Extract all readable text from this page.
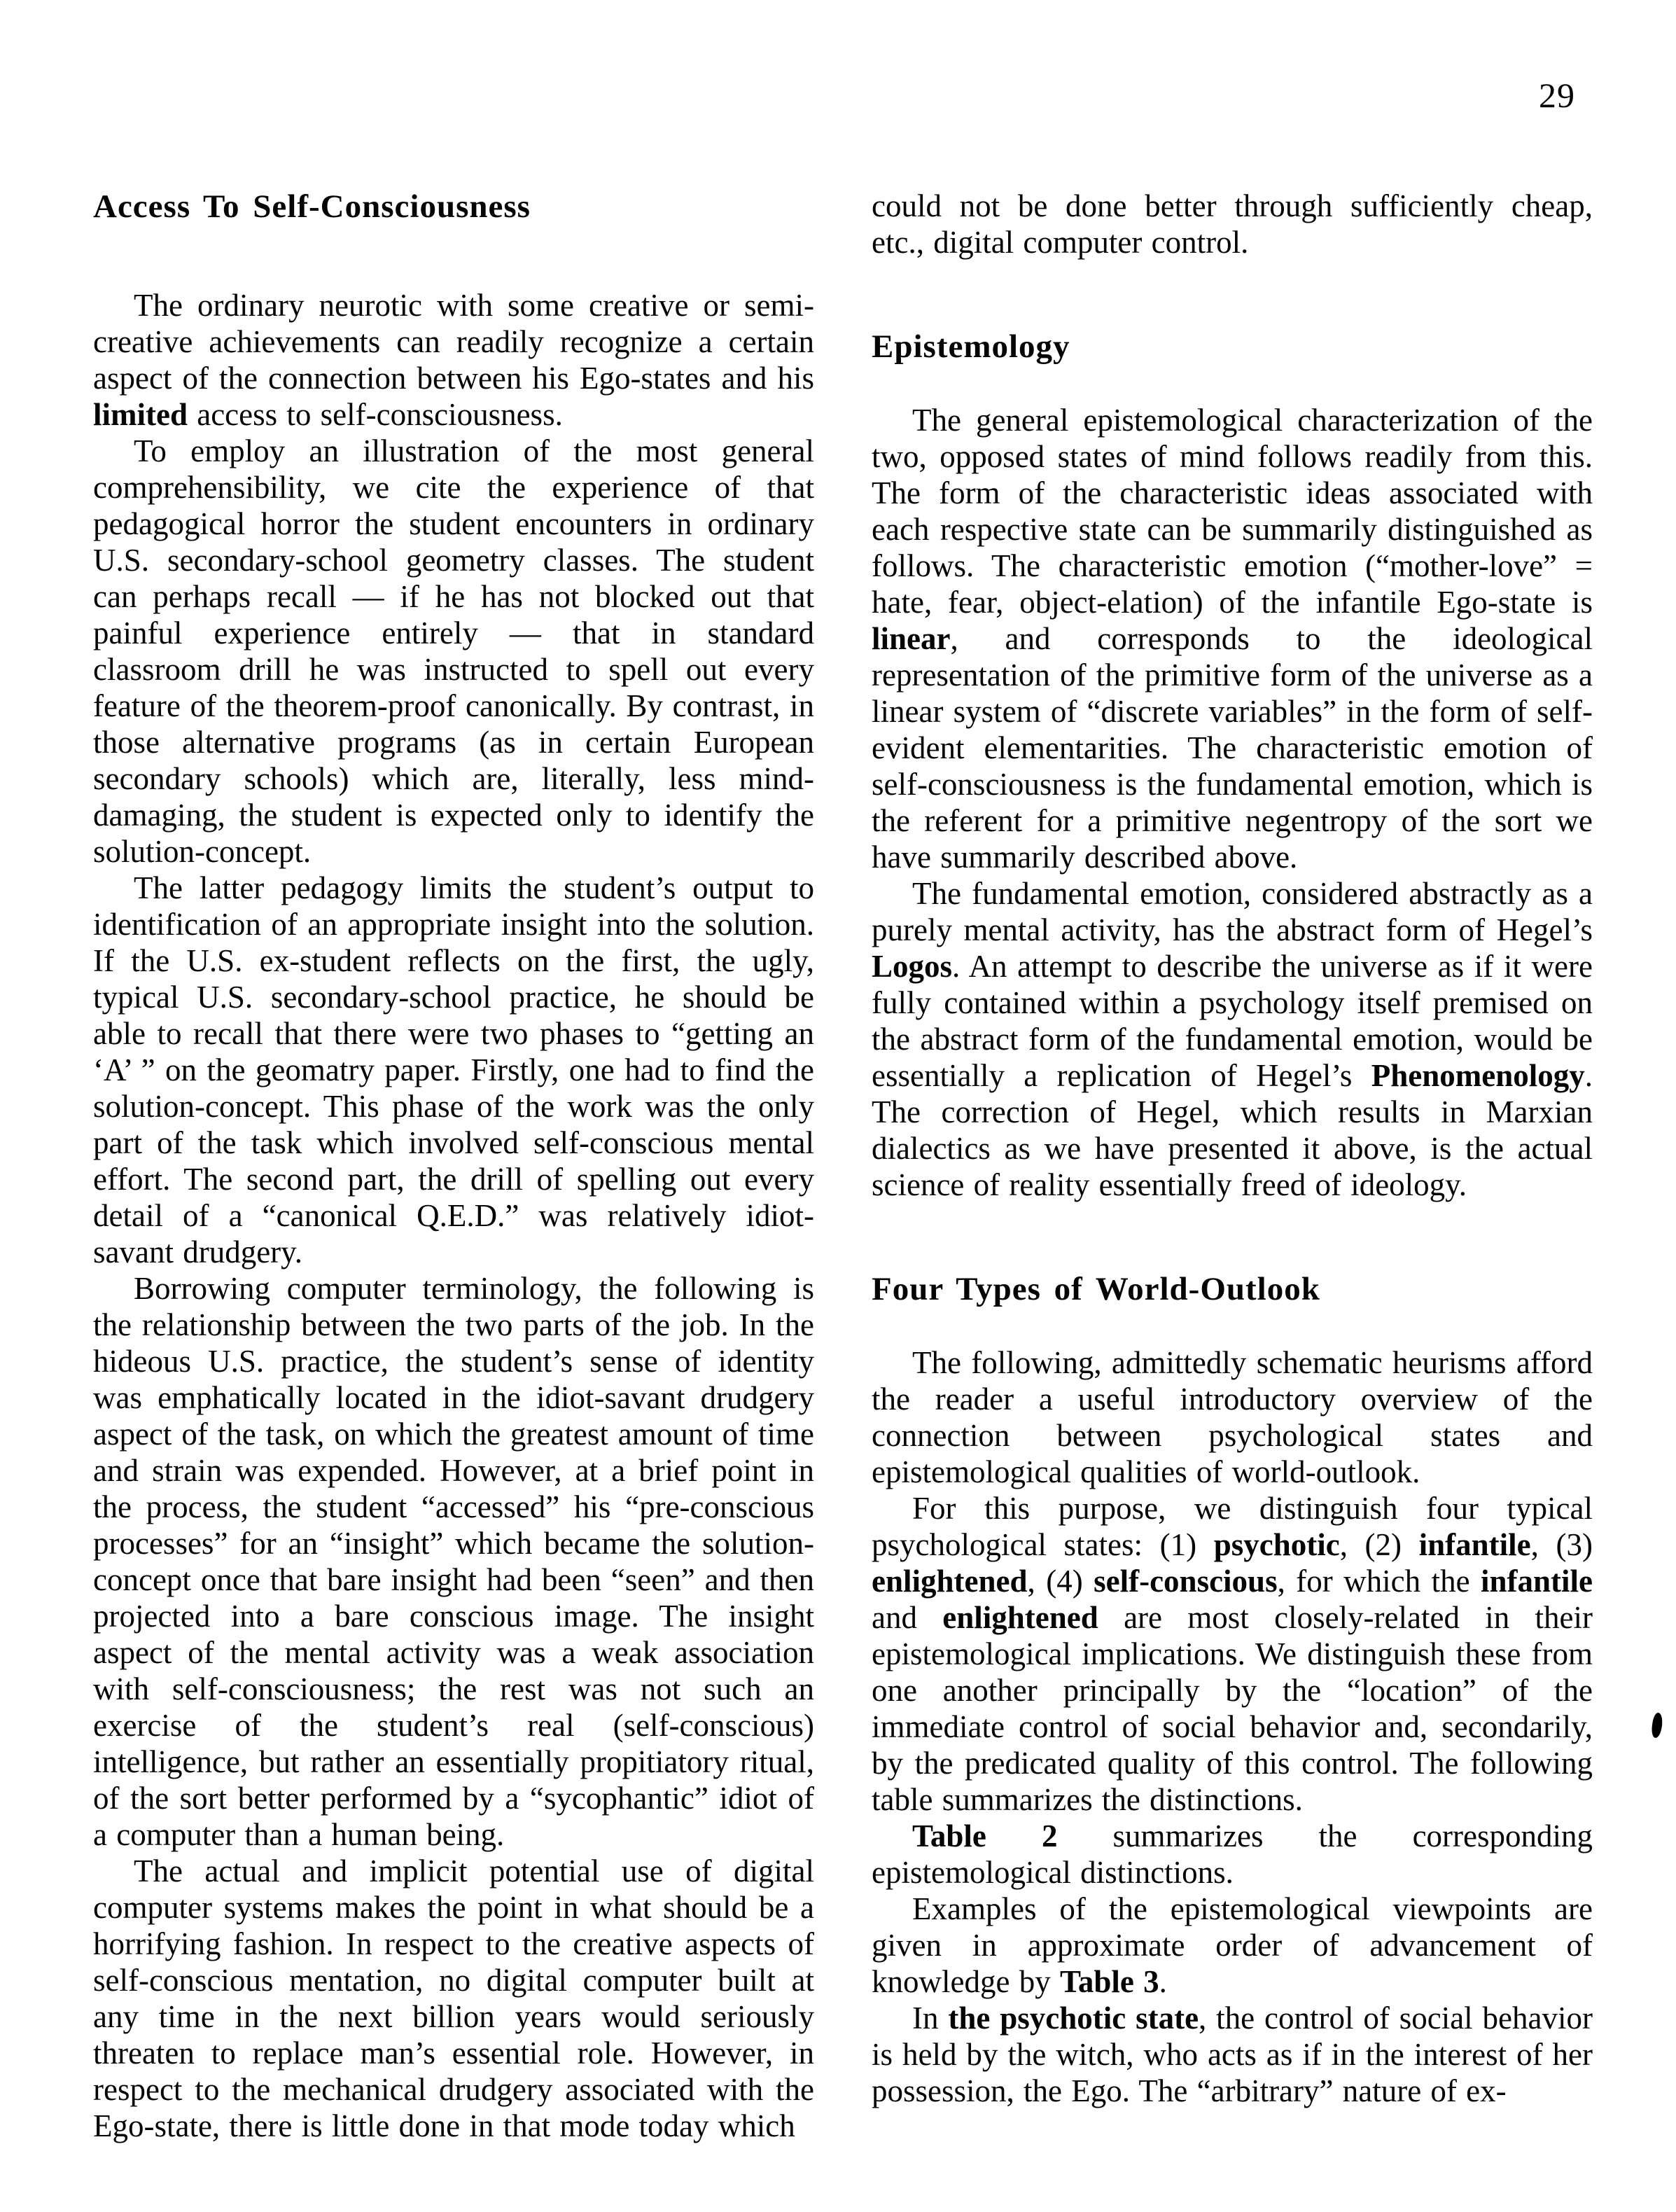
29
Access To Self-Consciousness

The ordinary neurotic with some creative or semi-creative achievements can readily recognize a certain aspect of the connection between his Ego-states and his limited access to self-consciousness.

To employ an illustration of the most general comprehensibility, we cite the experience of that pedagogical horror the student encounters in ordinary U.S. secondary-school geometry classes. The student can perhaps recall — if he has not blocked out that painful experience entirely — that in standard classroom drill he was instructed to spell out every feature of the theorem-proof canonically. By contrast, in those alternative programs (as in certain European secondary schools) which are, literally, less mind-damaging, the student is expected only to identify the solution-concept.

The latter pedagogy limits the student’s output to identification of an appropriate insight into the solution. If the U.S. ex-student reflects on the first, the ugly, typical U.S. secondary-school practice, he should be able to recall that there were two phases to “getting an ‘A’ ” on the geomatry paper. Firstly, one had to find the solution-concept. This phase of the work was the only part of the task which involved self-conscious mental effort. The second part, the drill of spelling out every detail of a “canonical Q.E.D.” was relatively idiot-savant drudgery.

Borrowing computer terminology, the following is the relationship between the two parts of the job. In the hideous U.S. practice, the student’s sense of identity was emphatically located in the idiot-savant drudgery aspect of the task, on which the greatest amount of time and strain was expended. However, at a brief point in the process, the student “accessed” his “pre-conscious processes” for an “insight” which became the solution-concept once that bare insight had been “seen” and then projected into a bare conscious image. The insight aspect of the mental activity was a weak association with self-consciousness; the rest was not such an exercise of the student’s real (self-conscious) intelligence, but rather an essentially propitiatory ritual, of the sort better performed by a “sycophantic” idiot of a computer than a human being.

The actual and implicit potential use of digital computer systems makes the point in what should be a horrifying fashion. In respect to the creative aspects of self-conscious mentation, no digital computer built at any time in the next billion years would seriously threaten to replace man’s essential role. However, in respect to the mechanical drudgery associated with the Ego-state, there is little done in that mode today which

could not be done better through sufficiently cheap, etc., digital computer control.

Epistemology

The general epistemological characterization of the two, opposed states of mind follows readily from this. The form of the characteristic ideas associated with each respective state can be summarily distinguished as follows. The characteristic emotion (“mother-love” = hate, fear, object-elation) of the infantile Ego-state is linear, and corresponds to the ideological representation of the primitive form of the universe as a linear system of “discrete variables” in the form of self-evident elementarities. The characteristic emotion of self-consciousness is the fundamental emotion, which is the referent for a primitive negentropy of the sort we have summarily described above.

The fundamental emotion, considered abstractly as a purely mental activity, has the abstract form of Hegel’s Logos. An attempt to describe the universe as if it were fully contained within a psychology itself premised on the abstract form of the fundamental emotion, would be essentially a replication of Hegel’s Phenomenology. The correction of Hegel, which results in Marxian dialectics as we have presented it above, is the actual science of reality essentially freed of ideology.

Four Types of World-Outlook

The following, admittedly schematic heurisms afford the reader a useful introductory overview of the connection between psychological states and epistemological qualities of world-outlook.

For this purpose, we distinguish four typical psychological states: (1) psychotic, (2) infantile, (3) enlightened, (4) self-conscious, for which the infantile and enlightened are most closely-related in their epistemological implications. We distinguish these from one another principally by the “location” of the immediate control of social behavior and, secondarily, by the predicated quality of this control. The following table summarizes the distinctions.

Table 2 summarizes the corresponding epistemological distinctions.

Examples of the epistemological viewpoints are given in approximate order of advancement of knowledge by Table 3.

In the psychotic state, the control of social behavior is held by the witch, who acts as if in the interest of her possession, the Ego. The “arbitrary” nature of ex-
